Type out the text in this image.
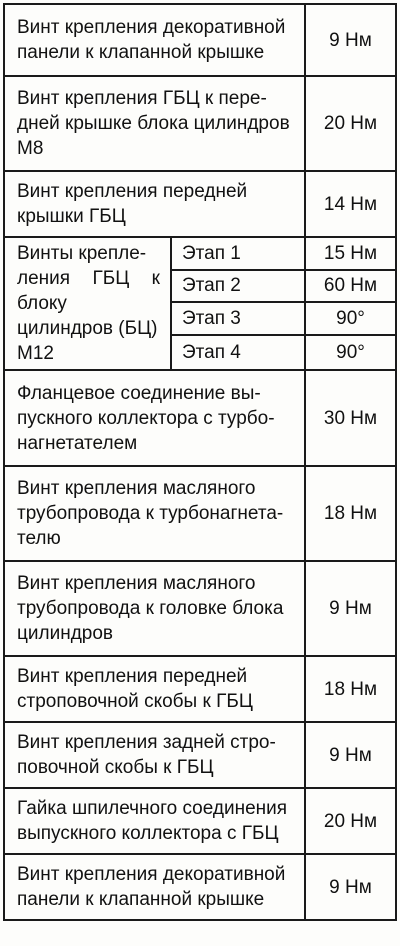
Винт крепления декоративной
панели к клапанной крышке		9 Нм

Винт крепления ГБЦ к пере-
дней крышке блока цилиндров
М8		20 Нм

Винт крепления передней
крышки ГБЦ		14 Нм

Винты крепле-
ления ГБЦ к блоку
цилиндров (БЦ)
М12	Этап 1	15 Нм
	Этап 2	60 Нм
	Этап 3	90°
	Этап 4	90°

Фланцевое соединение вы-
пускного коллектора с турбо-
нагнетателем		30 Нм

Винт крепления масляного
трубопровода к турбонагнета-
телю		18 Нм

Винт крепления масляного
трубопровода к головке блока
цилиндров		9 Нм

Винт крепления передней
строповочной скобы к ГБЦ		18 Нм

Винт крепления задней стро-
повочной скобы к ГБЦ		9 Нм

Гайка шпилечного соединения
выпускного коллектора с ГБЦ		20 Нм

Винт крепления декоративной
панели к клапанной крышке		9 Нм
